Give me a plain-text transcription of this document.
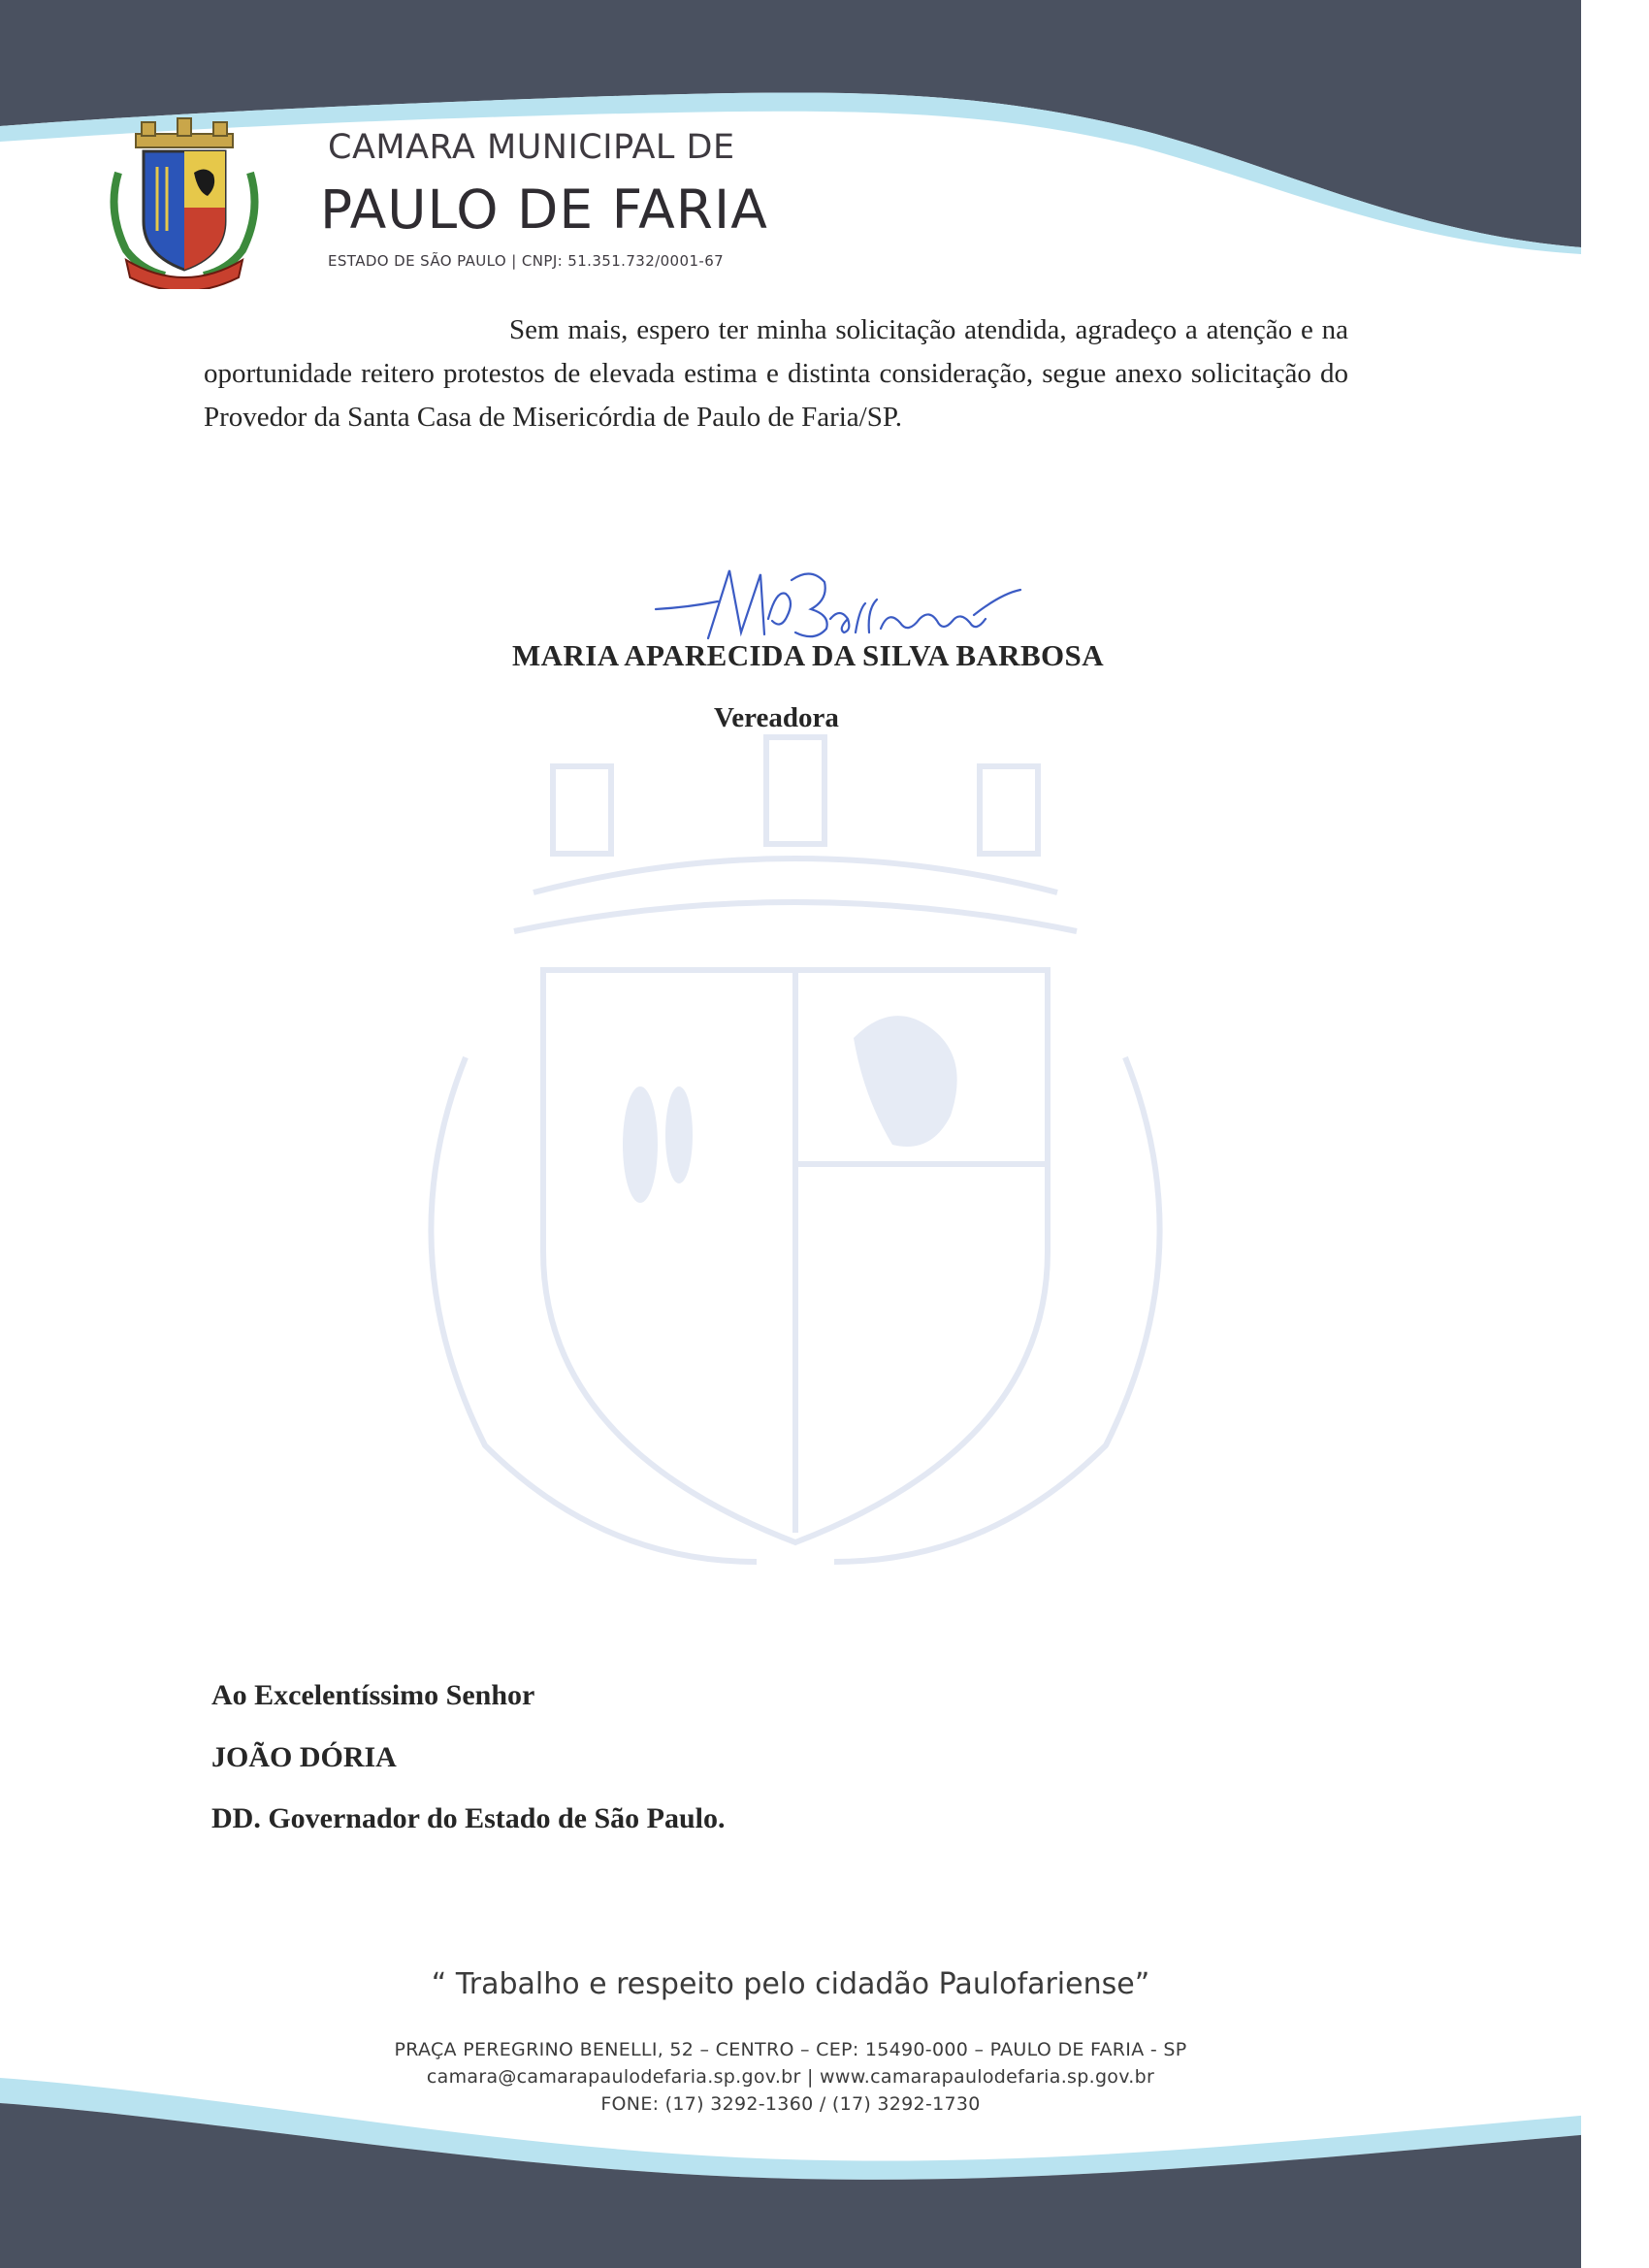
CAMARA MUNICIPAL DE

PAULO DE FARIA

ESTADO DE SÃO PAULO | CNPJ: 51.351.732/0001-67

Sem mais, espero ter minha solicitação atendida, agradeço a atenção e na oportunidade reitero protestos de elevada estima e distinta consideração, segue anexo solicitação do Provedor da Santa Casa de Misericórdia de Paulo de Faria/SP.

MARIA APARECIDA DA SILVA BARBOSA

Vereadora

Ao Excelentíssimo Senhor

JOÃO DÓRIA

DD. Governador do Estado de São Paulo.

“ Trabalho e respeito pelo cidadão Paulofariense”

PRAÇA PEREGRINO BENELLI, 52 – CENTRO – CEP: 15490-000 – PAULO DE FARIA - SP

camara@camarapaulodefaria.sp.gov.br | www.camarapaulodefaria.sp.gov.br

FONE: (17) 3292-1360 / (17) 3292-1730
